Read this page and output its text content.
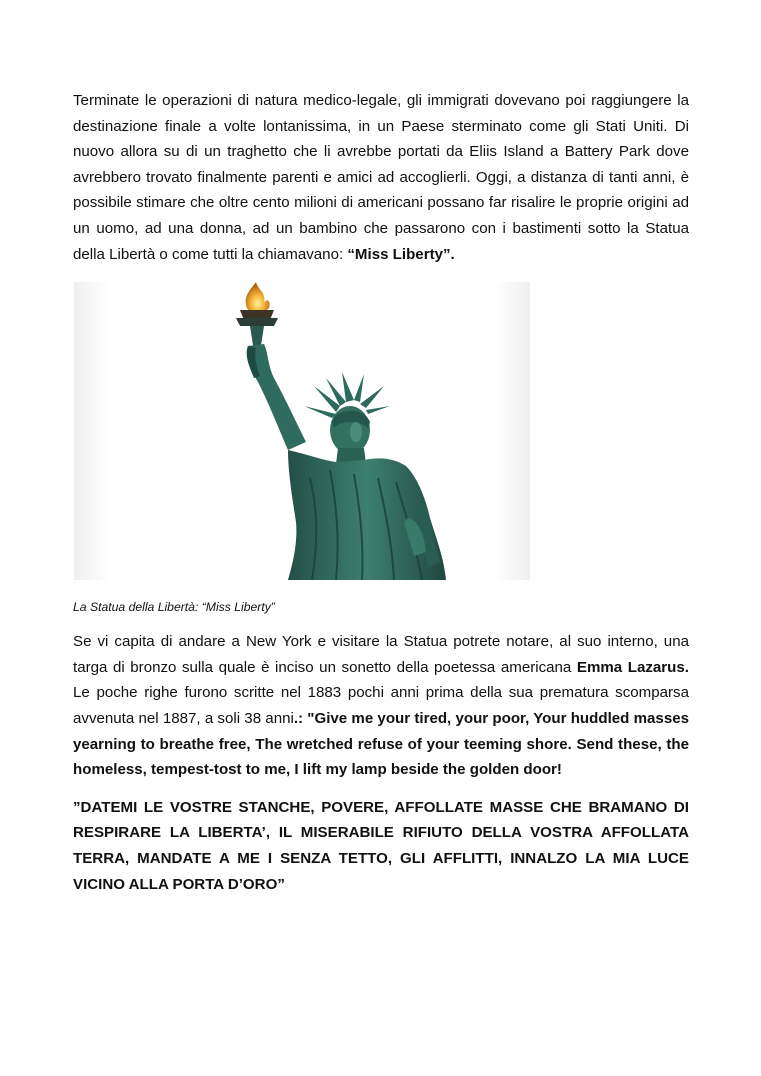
Terminate le operazioni di natura medico-legale, gli immigrati dovevano poi raggiungere la destinazione finale a volte lontanissima, in un Paese sterminato come gli Stati Uniti. Di nuovo allora su di un traghetto che li avrebbe portati da Eliis Island a Battery Park dove avrebbero trovato finalmente parenti e amici ad accoglierli. Oggi, a distanza di tanti anni, è possibile stimare che oltre cento milioni di americani possano far risalire le proprie origini ad un uomo, ad una donna, ad un bambino che passarono con i bastimenti sotto la Statua della Libertà o come tutti la chiamavano: “Miss Liberty”.

La Statua della Libertà: “Miss Liberty”

Se vi capita di andare a New York e visitare la Statua potrete notare, al suo interno, una targa di bronzo sulla quale è inciso un sonetto della poetessa americana Emma Lazarus. Le poche righe furono scritte nel 1883 pochi anni prima della sua prematura scomparsa avvenuta nel 1887, a soli 38 anni.: "Give me your tired, your poor, Your huddled masses yearning to breathe free, The wretched refuse of your teeming shore. Send these, the homeless, tempest-tost to me, I lift my lamp beside the golden door!

”DATEMI LE VOSTRE STANCHE, POVERE, AFFOLLATE MASSE CHE BRAMANO DI RESPIRARE LA LIBERTA’, IL MISERABILE RIFIUTO DELLA VOSTRA AFFOLLATA TERRA, MANDATE A ME I SENZA TETTO, GLI AFFLITTI, INNALZO LA MIA LUCE VICINO ALLA PORTA D’ORO”
